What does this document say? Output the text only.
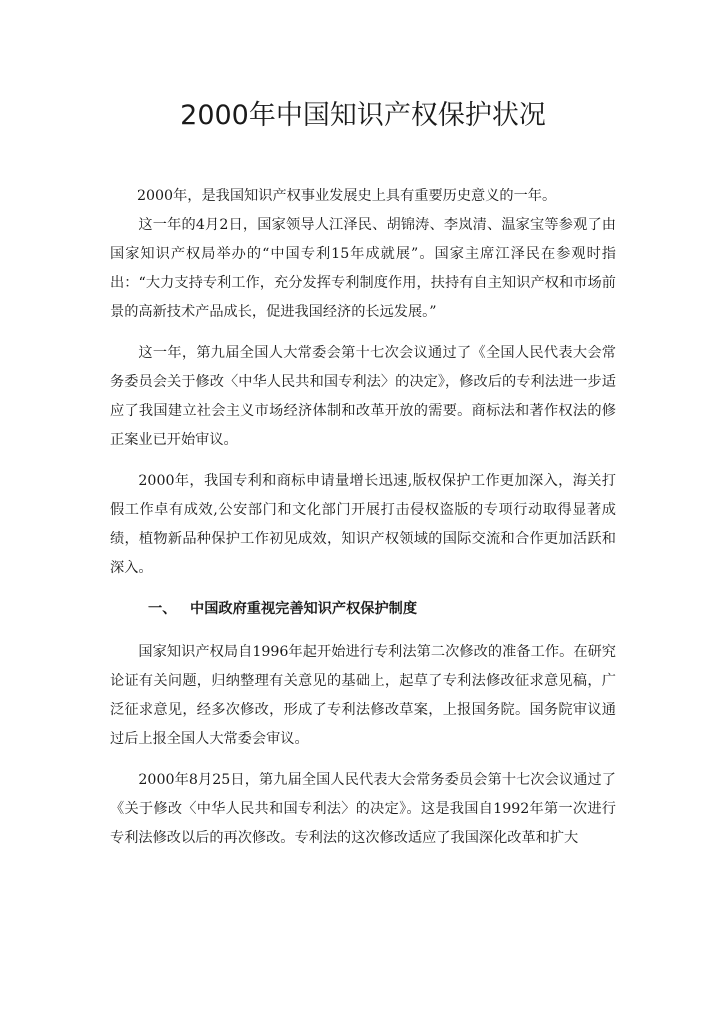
2000年中国知识产权保护状况

2000年，是我国知识产权事业发展史上具有重要历史意义的一年。

这一年的4月2日，国家领导人江泽民、胡锦涛、李岚清、温家宝等参观了由国家知识产权局举办的“中国专利15年成就展”。国家主席江泽民在参观时指出：“大力支持专利工作，充分发挥专利制度作用，扶持有自主知识产权和市场前景的高新技术产品成长，促进我国经济的长远发展。”

这一年，第九届全国人大常委会第十七次会议通过了《全国人民代表大会常务委员会关于修改〈中华人民共和国专利法〉的决定》，修改后的专利法进一步适应了我国建立社会主义市场经济体制和改革开放的需要。商标法和著作权法的修正案业已开始审议。

2000年，我国专利和商标申请量增长迅速,版权保护工作更加深入，海关打假工作卓有成效,公安部门和文化部门开展打击侵权盗版的专项行动取得显著成绩，植物新品种保护工作初见成效，知识产权领域的国际交流和合作更加活跃和深入。

一、 中国政府重视完善知识产权保护制度

国家知识产权局自1996年起开始进行专利法第二次修改的准备工作。在研究论证有关问题，归纳整理有关意见的基础上，起草了专利法修改征求意见稿，广泛征求意见，经多次修改，形成了专利法修改草案，上报国务院。国务院审议通过后上报全国人大常委会审议。

2000年8月25日，第九届全国人民代表大会常务委员会第十七次会议通过了《关于修改〈中华人民共和国专利法〉的决定》。这是我国自1992年第一次进行专利法修改以后的再次修改。专利法的这次修改适应了我国深化改革和扩大
